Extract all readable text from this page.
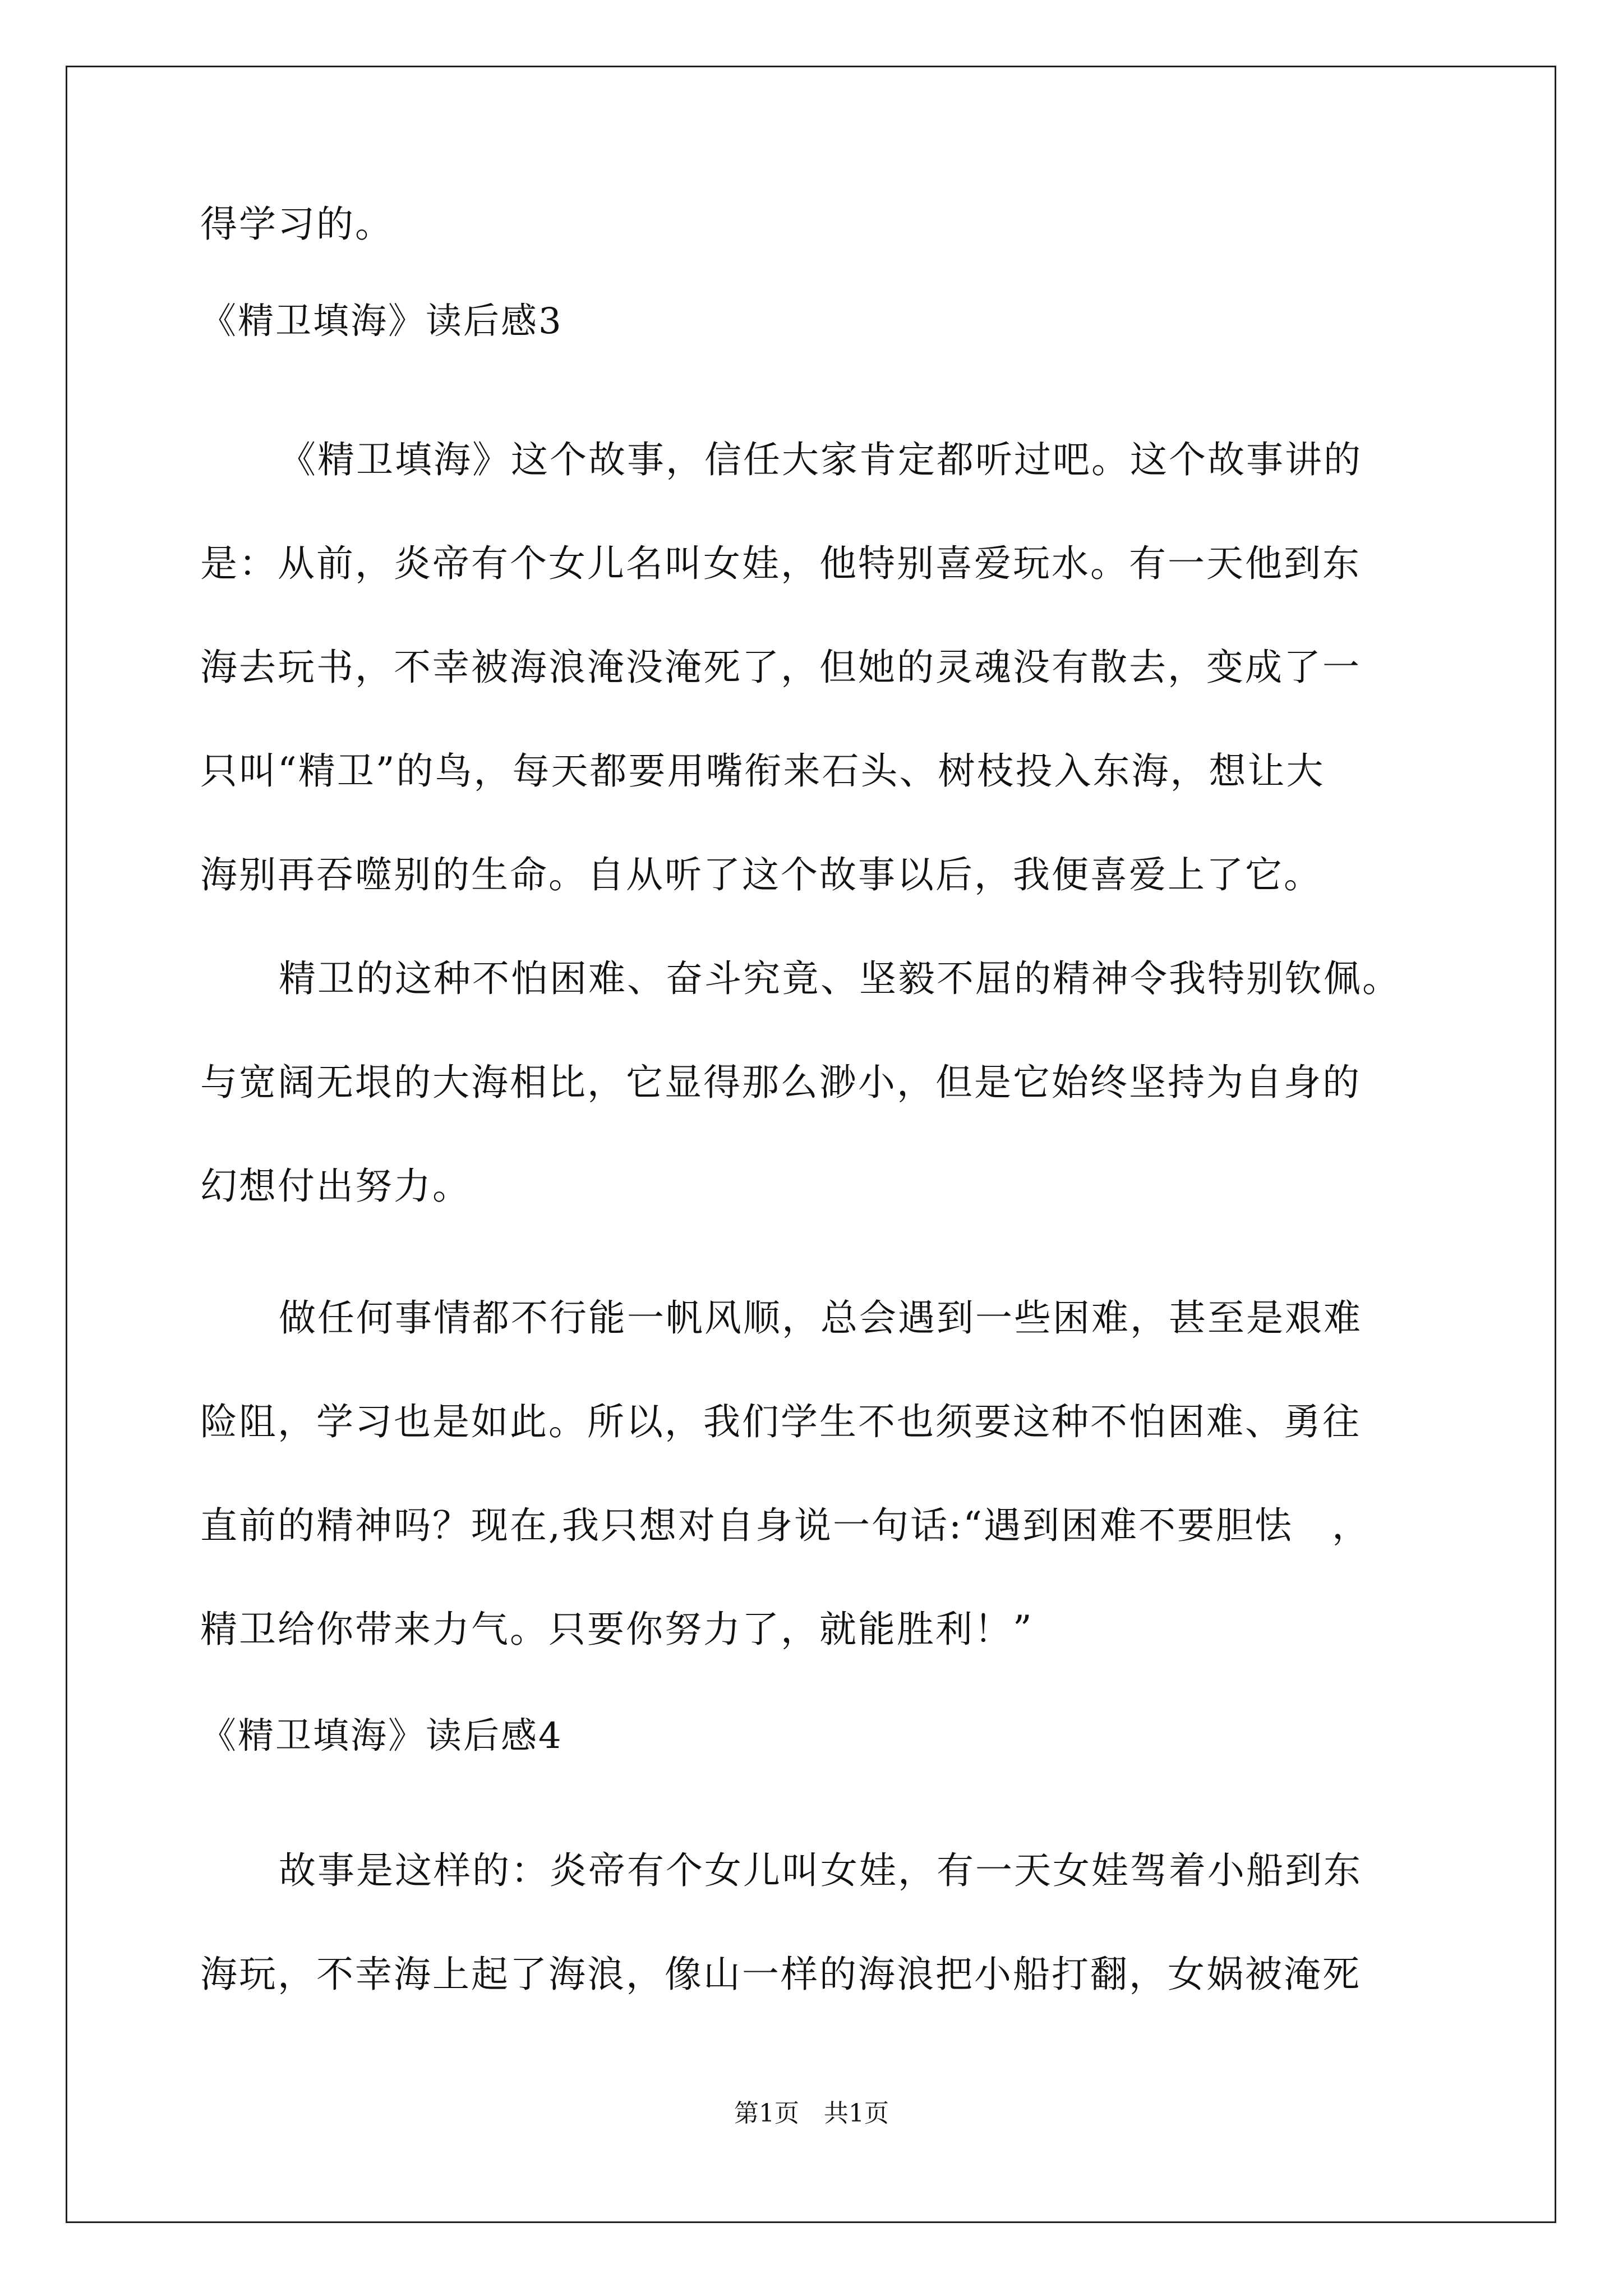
得学习的。
《精卫填海》读后感3
《精卫填海》这个故事，信任大家肯定都听过吧。这个故事讲的
是：从前，炎帝有个女儿名叫女娃，他特别喜爱玩水。有一天他到东
海去玩书，不幸被海浪淹没淹死了，但她的灵魂没有散去，变成了一
只叫“精卫”的鸟，每天都要用嘴衔来石头、树枝投入东海，想让大
海别再吞噬别的生命。自从听了这个故事以后，我便喜爱上了它。
精卫的这种不怕困难、奋斗究竟、坚毅不屈的精神令我特别钦佩。
与宽阔无垠的大海相比，它显得那么渺小，但是它始终坚持为自身的
幻想付出努力。
做任何事情都不行能一帆风顺，总会遇到一些困难，甚至是艰难
险阻，学习也是如此。所以，我们学生不也须要这种不怕困难、勇往
直前的精神吗？现在,我只想对自身说一句话:“遇到困难不要胆怯　，
精卫给你带来力气。只要你努力了，就能胜利！”
《精卫填海》读后感4
故事是这样的：炎帝有个女儿叫女娃，有一天女娃驾着小船到东
海玩，不幸海上起了海浪，像山一样的海浪把小船打翻，女娲被淹死
第1页　共1页
